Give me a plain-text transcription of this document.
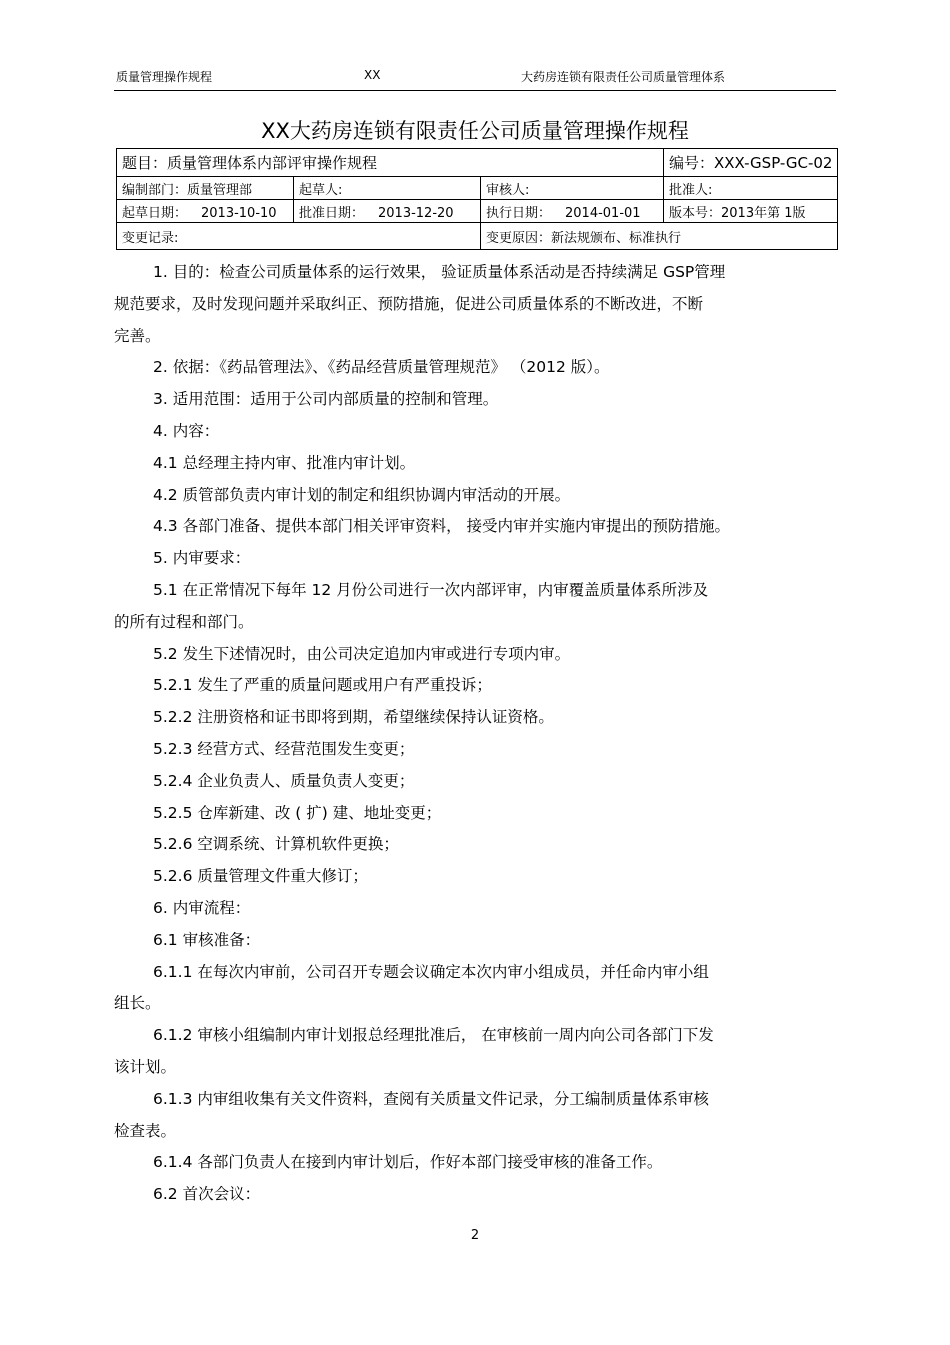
质量管理操作规程	XX	大药房连锁有限责任公司质量管理体系
XX大药房连锁有限责任公司质量管理操作规程
题目：质量管理体系内部评审操作规程			编号：XXX-GSP-GC-02
编制部门：质量管理部	起草人:	审核人:	批准人:
起草日期： 2013-10-10	批准日期： 2013-12-20	执行日期： 2014-01-01	版本号：2013年第 1版
变更记录:		变更原因：新法规颁布、标准执行	
1. 目的：检查公司质量体系的运行效果， 验证质量体系活动是否持续满足 GSP管理
规范要求，及时发现问题并采取纠正、预防措施，促进公司质量体系的不断改进，不断
完善。
2. 依据：《药品管理法》、《药品经营质量管理规范》 （2012 版）。
3. 适用范围：适用于公司内部质量的控制和管理。
4. 内容：
4.1 总经理主持内审、批准内审计划。
4.2 质管部负责内审计划的制定和组织协调内审活动的开展。
4.3 各部门准备、提供本部门相关评审资料， 接受内审并实施内审提出的预防措施。
5. 内审要求：
5.1 在正常情况下每年 12 月份公司进行一次内部评审，内审覆盖质量体系所涉及
的所有过程和部门。
5.2 发生下述情况时，由公司决定追加内审或进行专项内审。
5.2.1 发生了严重的质量问题或用户有严重投诉；
5.2.2 注册资格和证书即将到期，希望继续保持认证资格。
5.2.3 经营方式、经营范围发生变更；
5.2.4 企业负责人、质量负责人变更；
5.2.5 仓库新建、改 ( 扩) 建、地址变更；
5.2.6 空调系统、计算机软件更换；
5.2.6 质量管理文件重大修订；
6. 内审流程：
6.1 审核准备：
6.1.1 在每次内审前，公司召开专题会议确定本次内审小组成员，并任命内审小组
组长。
6.1.2 审核小组编制内审计划报总经理批准后， 在审核前一周内向公司各部门下发
该计划。
6.1.3 内审组收集有关文件资料，查阅有关质量文件记录，分工编制质量体系审核
检查表。
6.1.4 各部门负责人在接到内审计划后，作好本部门接受审核的准备工作。
6.2 首次会议：
2
